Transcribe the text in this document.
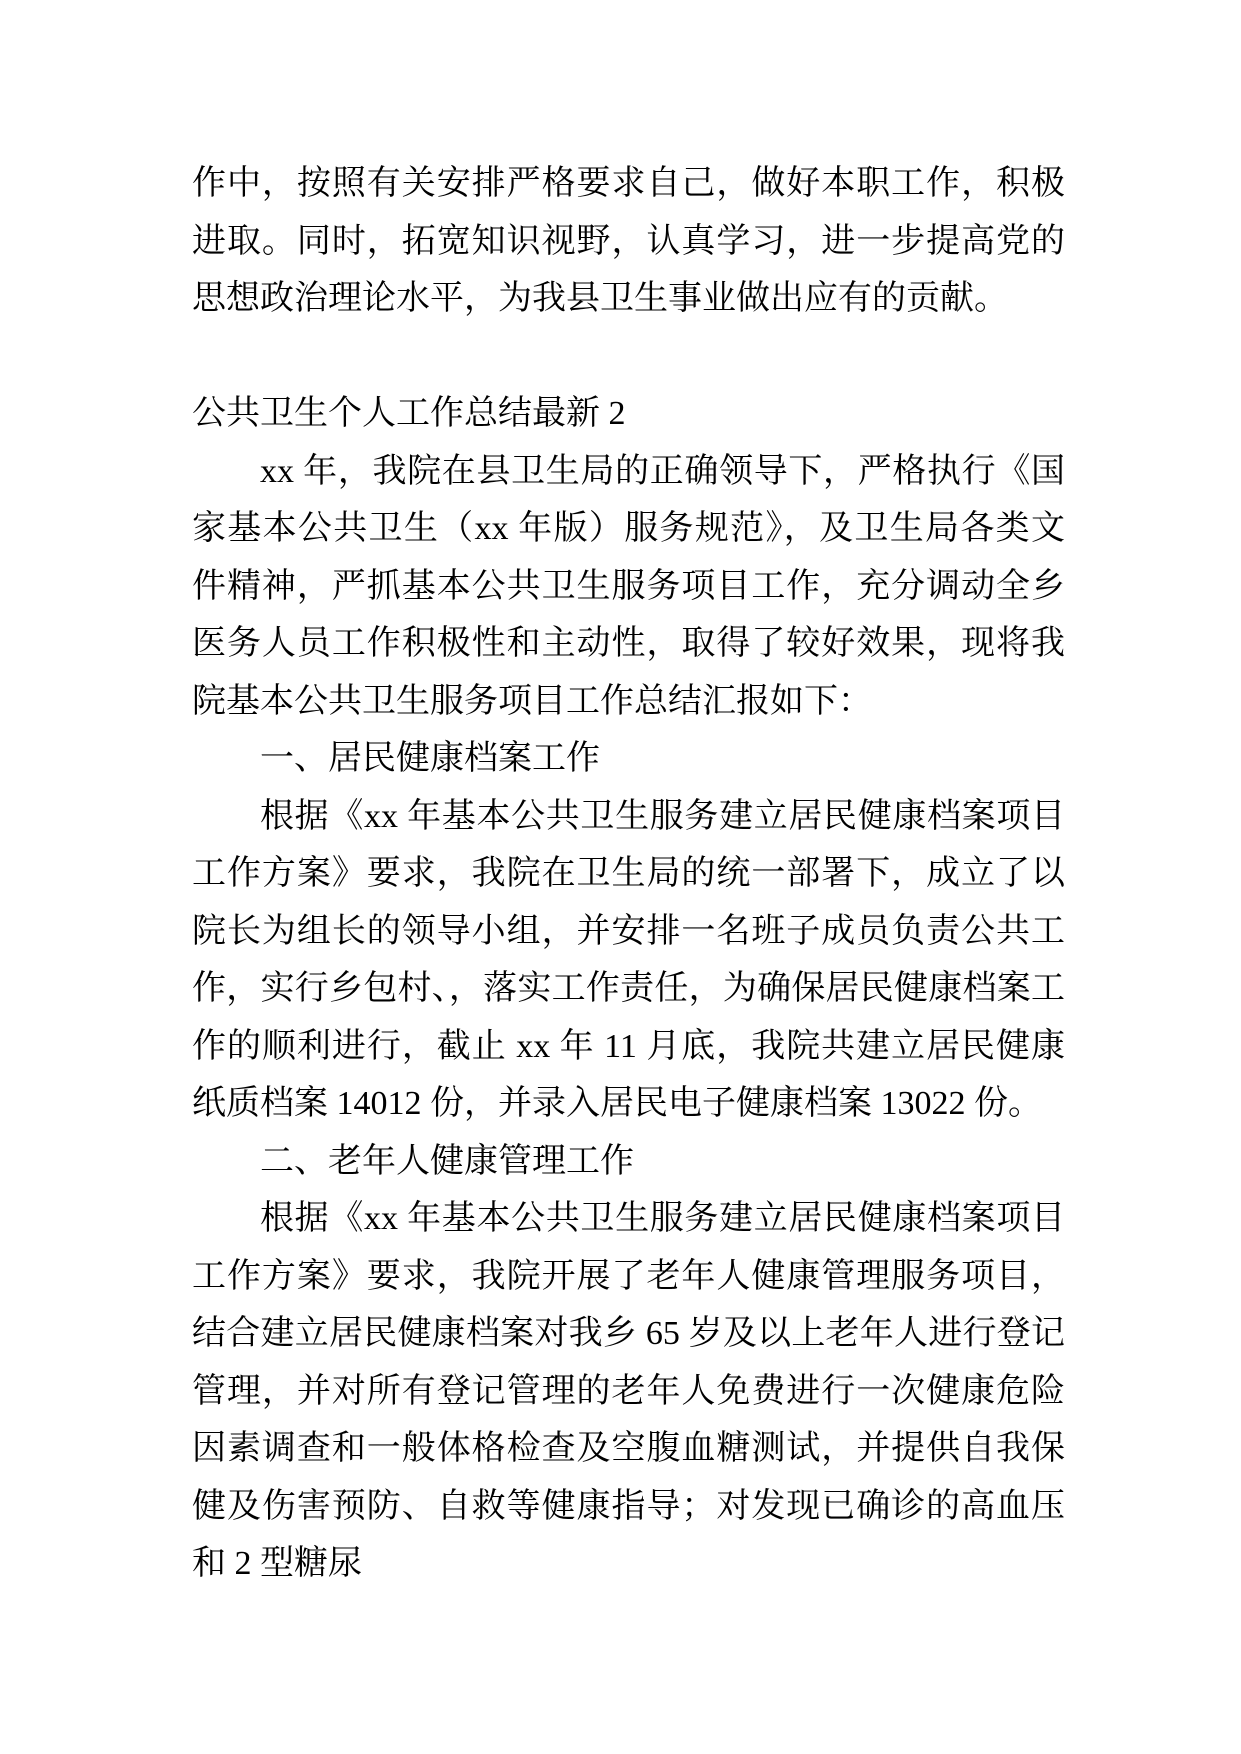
作中，按照有关安排严格要求自己，做好本职工作，积极进取。同时，拓宽知识视野，认真学习，进一步提高党的思想政治理论水平，为我县卫生事业做出应有的贡献。

公共卫生个人工作总结最新 2

xx 年，我院在县卫生局的正确领导下，严格执行《国家基本公共卫生（xx 年版）服务规范》，及卫生局各类文件精神，严抓基本公共卫生服务项目工作，充分调动全乡医务人员工作积极性和主动性，取得了较好效果，现将我院基本公共卫生服务项目工作总结汇报如下：

一、居民健康档案工作

根据《xx 年基本公共卫生服务建立居民健康档案项目工作方案》要求，我院在卫生局的统一部署下，成立了以院长为组长的领导小组，并安排一名班子成员负责公共工作，实行乡包村、，落实工作责任，为确保居民健康档案工作的顺利进行，截止 xx 年 11 月底，我院共建立居民健康纸质档案 14012 份，并录入居民电子健康档案 13022 份。

二、老年人健康管理工作

根据《xx 年基本公共卫生服务建立居民健康档案项目工作方案》要求，我院开展了老年人健康管理服务项目，结合建立居民健康档案对我乡 65 岁及以上老年人进行登记管理，并对所有登记管理的老年人免费进行一次健康危险因素调查和一般体格检查及空腹血糖测试，并提供自我保健及伤害预防、自救等健康指导；对发现已确诊的高血压和 2 型糖尿
